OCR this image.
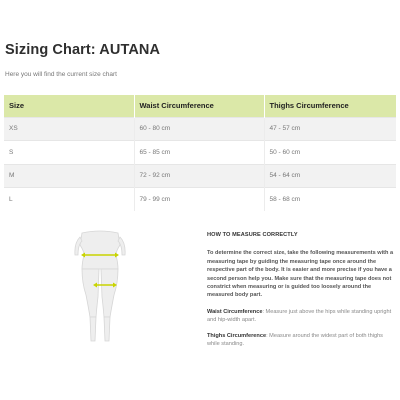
Sizing Chart: AUTANA
Here you will find the current size chart
Size	Waist Circumference	Thighs Circumference
XS	60 - 80 cm	47 - 57 cm
S	65 - 85 cm	50 - 60 cm
M	72 - 92 cm	54 - 64 cm
L	79 - 99 cm	58 - 68 cm
HOW TO MEASURE CORRECTLY

To determine the correct size, take the following measurements with a measuring tape by guiding the measuring tape once around the respective part of the body. It is easier and more precise if you have a second person help you. Make sure that the measuring tape does not constrict when measuring or is guided too loosely around the measured body part.

Waist Circumference: Measure just above the hips while standing upright and hip-width apart.

Thighs Circumference: Measure around the widest part of both thighs while standing.
